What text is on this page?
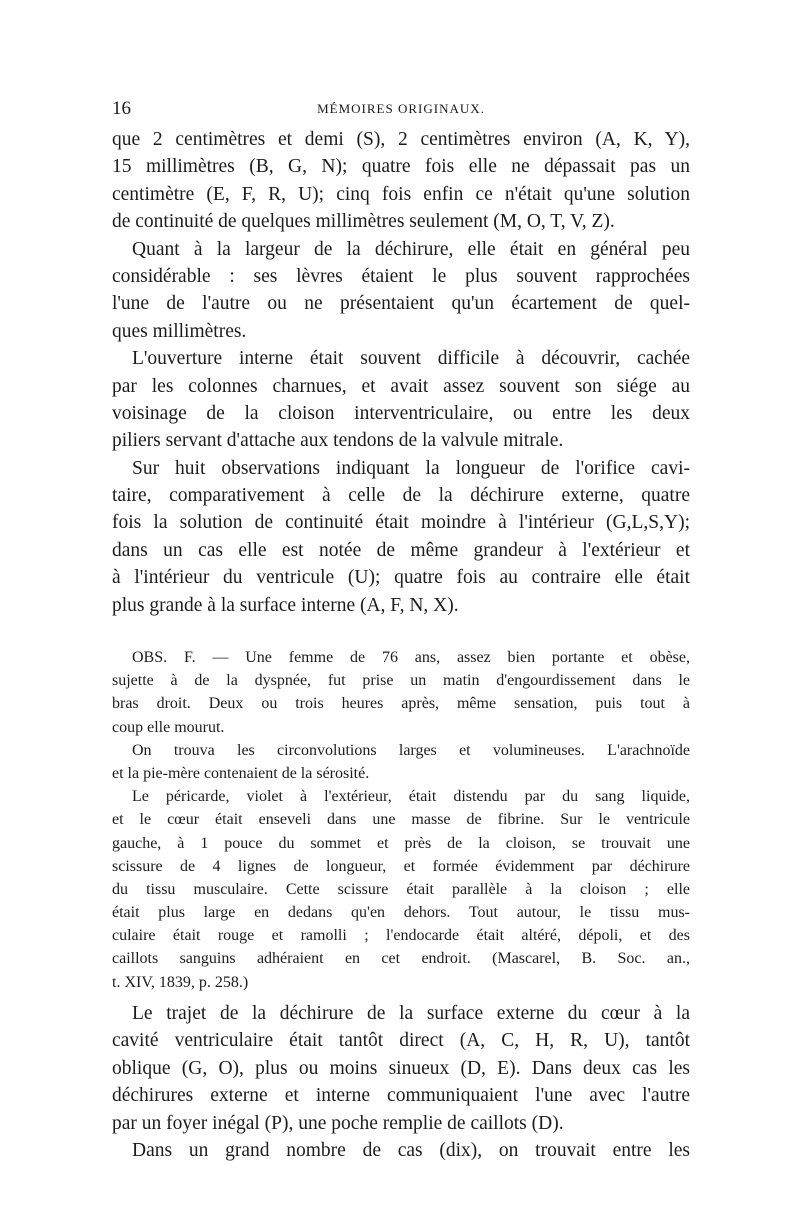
16	MÉMOIRES ORIGINAUX.
que 2 centimètres et demi (S), 2 centimètres environ (A, K, Y),
15 millimètres (B, G, N); quatre fois elle ne dépassait pas un
centimètre (E, F, R, U); cinq fois enfin ce n'était qu'une solution
de continuité de quelques millimètres seulement (M, O, T, V, Z).
Quant à la largeur de la déchirure, elle était en général peu
considérable : ses lèvres étaient le plus souvent rapprochées
l'une de l'autre ou ne présentaient qu'un écartement de quel-
ques millimètres.
L'ouverture interne était souvent difficile à découvrir, cachée
par les colonnes charnues, et avait assez souvent son siége au
voisinage de la cloison interventriculaire, ou entre les deux
piliers servant d'attache aux tendons de la valvule mitrale.
Sur huit observations indiquant la longueur de l'orifice cavi-
taire, comparativement à celle de la déchirure externe, quatre
fois la solution de continuité était moindre à l'intérieur (G,L,S,Y);
dans un cas elle est notée de même grandeur à l'extérieur et
à l'intérieur du ventricule (U); quatre fois au contraire elle était
plus grande à la surface interne (A, F, N, X).
OBS. F. — Une femme de 76 ans, assez bien portante et obèse,
sujette à de la dyspnée, fut prise un matin d'engourdissement dans le
bras droit. Deux ou trois heures après, même sensation, puis tout à
coup elle mourut.
On trouva les circonvolutions larges et volumineuses. L'arachnoïde
et la pie-mère contenaient de la sérosité.
Le péricarde, violet à l'extérieur, était distendu par du sang liquide,
et le cœur était enseveli dans une masse de fibrine. Sur le ventricule
gauche, à 1 pouce du sommet et près de la cloison, se trouvait une
scissure de 4 lignes de longueur, et formée évidemment par déchirure
du tissu musculaire. Cette scissure était parallèle à la cloison ; elle
était plus large en dedans qu'en dehors. Tout autour, le tissu mus-
culaire était rouge et ramolli ; l'endocarde était altéré, dépoli, et des
caillots sanguins adhéraient en cet endroit. (Mascarel, B. Soc. an.,
t. XIV, 1839, p. 258.)
Le trajet de la déchirure de la surface externe du cœur à la
cavité ventriculaire était tantôt direct (A, C, H, R, U), tantôt
oblique (G, O), plus ou moins sinueux (D, E). Dans deux cas les
déchirures externe et interne communiquaient l'une avec l'autre
par un foyer inégal (P), une poche remplie de caillots (D).
Dans un grand nombre de cas (dix), on trouvait entre les
